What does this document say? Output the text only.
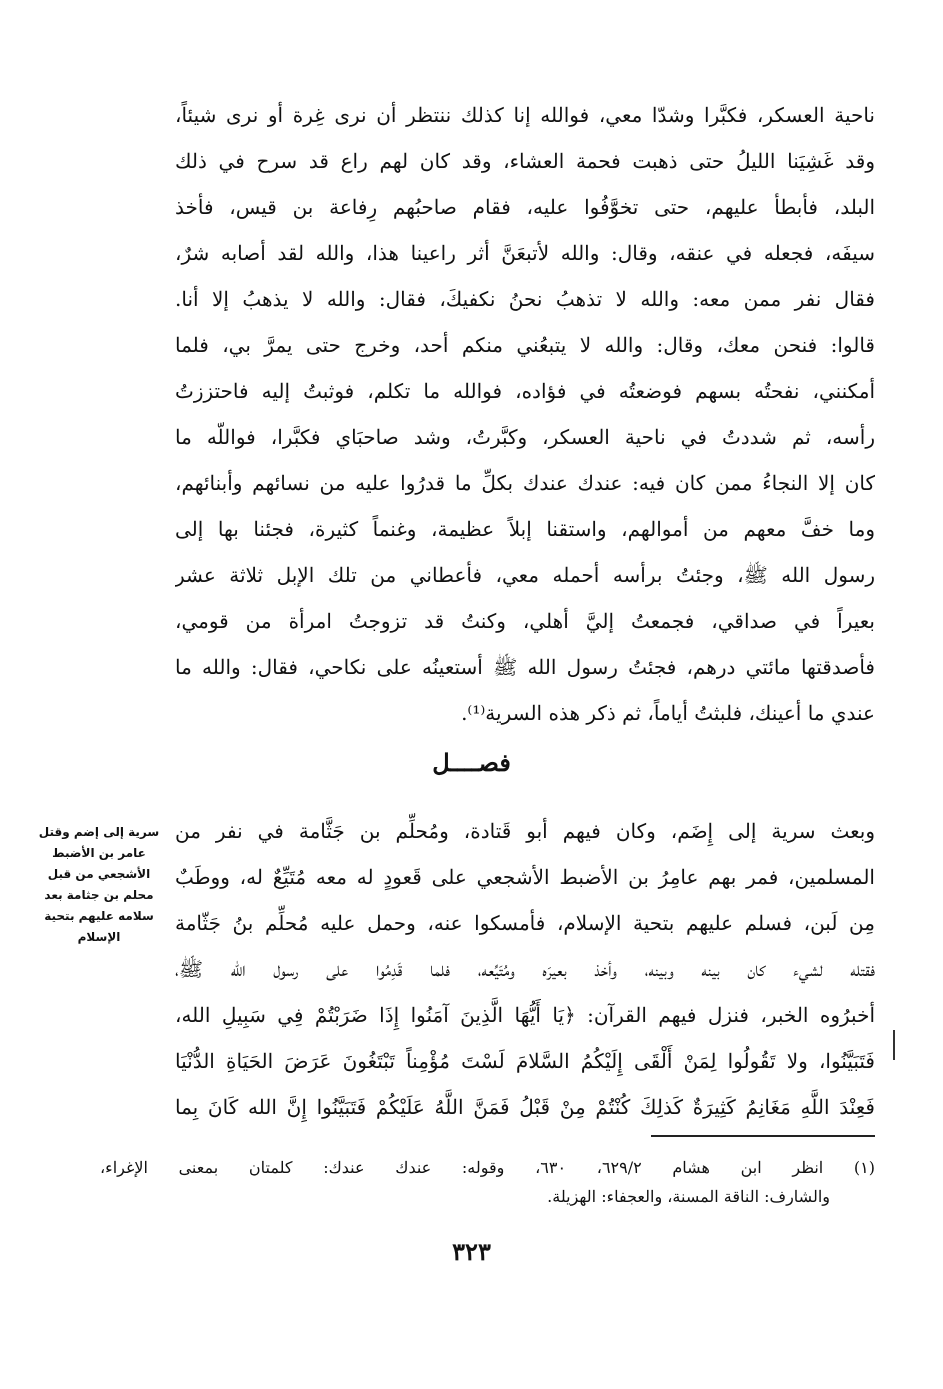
ناحية العسكر، فكبَّرا وشدّا معي، فوالله إنا كذلك ننتظر أن نرى غِرة أو نرى شيئاً،
وقد غَشِيَنا الليلُ حتى ذهبت فحمة العشاء، وقد كان لهم راع قد سرح في ذلك
البلد، فأبطأ عليهم، حتى تخوَّفُوا عليه، فقام صاحبُهم رِفاعة بن قيس، فأخذ
سيفَه، فجعله في عنقه، وقال: والله لأتبعَنَّ أثر راعينا هذا، والله لقد أصابه شرٌ،
فقال نفر ممن معه: والله لا تذهبُ نحنُ نكفيكَ، فقال: والله لا يذهبُ إلا أنا.
قالوا: فنحن معك، وقال: والله لا يتبعُني منكم أحد، وخرج حتى يمرَّ بي، فلما
أمكنني، نفحتُه بسهم فوضعتُه في فؤاده، فوالله ما تكلم، فوثبتُ إليه فاحتززتُ
رأسه، ثم شددتُ في ناحية العسكر، وكبَّرتُ، وشد صاحبَاي فكبَّرا، فواللّه ما
كان إلا النجاءُ ممن كان فيه: عندك عندك بكلِّ ما قدرُوا عليه من نسائهم وأبنائهم،
وما خفَّ معهم من أموالهم، واستقنا إبلاً عظيمة، وغنماً كثيرة، فجئنا بها إلى
رسول الله ﷺ، وجئتُ برأسه أحمله معي، فأعطاني من تلك الإبل ثلاثة عشر
بعيراً في صداقي، فجمعتُ إليَّ أهلي، وكنتُ قد تزوجتُ امرأة من قومي،
فأصدقتها مائتي درهم، فجئتُ رسول الله ﷺ أستعينُه على نكاحي، فقال: والله ما
عندي ما أعينك، فلبثتُ أياماً، ثم ذكر هذه السرية⁽¹⁾.
فصــــل
سرية إلى إضم وقتل
عامر بن الأضبط
الأشجعي من قبل
محلم بن جثامة بعد
سلامه عليهم بتحية
الإسلام
وبعث سرية إلى إِضَم، وكان فيهم أبو قَتادة، ومُحلِّم بن جَثَّامة في نفر من
المسلمين، فمر بهم عامِرُ بن الأضبط الأشجعي على قَعودٍ له معه مُتَيِّعٌ له، ووطَبٌ
مِن لَبن، فسلم عليهم بتحية الإسلام، فأمسكوا عنه، وحمل عليه مُحلِّم بنُ جَثّامة
فقتله لشيء كان بينه وبينه، وأخذ بعيرَه ومُتَيِّعه، فلما قَدِمُوا على رسول الله ﷺ،
أخبرُوه الخبر، فنزل فيهم القرآن: ﴿يَا أَيُّهَا الَّذِينَ آمَنُوا إِذَا ضَرَبْتُمْ فِي سَبِيلِ الله،
فَتَبَيَّنُوا، ولا تَقُولُوا لِمَنْ أَلْقَى إِلَيْكُمُ السَّلامَ لَسْتَ مُؤْمِناً تَبْتَغُونَ عَرَضَ الحَيَاةِ الدُّنْيَا
فَعِنْدَ اللَّهِ مَغَانِمُ كَثِيرَةٌ كَذلِكَ كُنْتُمْ مِنْ قَبْلُ فَمَنَّ اللَّهُ عَلَيْكُمْ فَتَبَيَّنُوا إِنَّ الله كَانَ بِما
(١) انظر ابن هشام ٦٢٩/٢، ٦٣٠، وقوله: عندك عندك: كلمتان بمعنى الإغراء،
والشارف: الناقة المسنة، والعجفاء: الهزيلة.
٣٢٣
